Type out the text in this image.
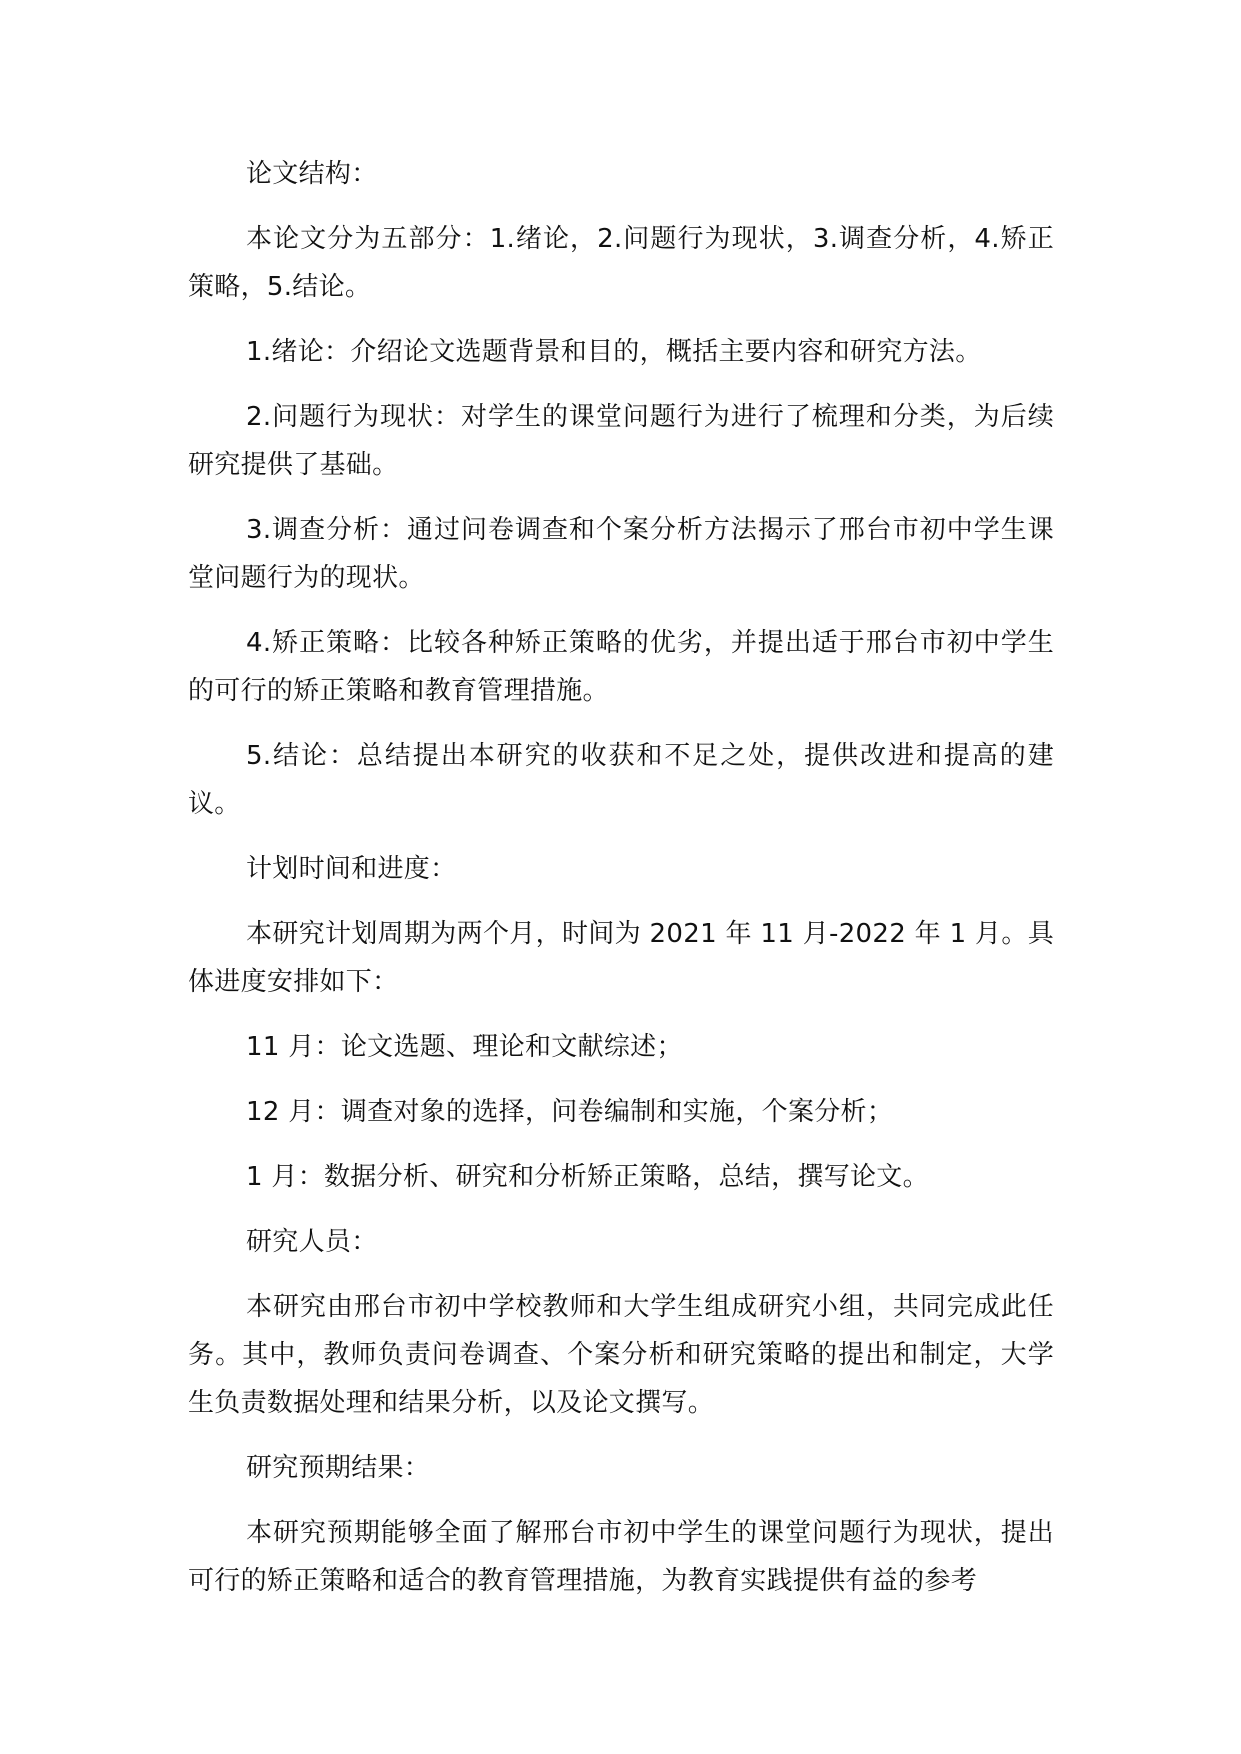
论文结构：

本论文分为五部分：1.绪论，2.问题行为现状，3.调查分析，4.矫正策略，5.结论。

1.绪论：介绍论文选题背景和目的，概括主要内容和研究方法。

2.问题行为现状：对学生的课堂问题行为进行了梳理和分类，为后续研究提供了基础。

3.调查分析：通过问卷调查和个案分析方法揭示了邢台市初中学生课堂问题行为的现状。

4.矫正策略：比较各种矫正策略的优劣，并提出适于邢台市初中学生的可行的矫正策略和教育管理措施。

5.结论：总结提出本研究的收获和不足之处，提供改进和提高的建议。

计划时间和进度：

本研究计划周期为两个月，时间为 2021 年 11 月-2022 年 1 月。具体进度安排如下：

11 月：论文选题、理论和文献综述；

12 月：调查对象的选择，问卷编制和实施，个案分析；

1 月：数据分析、研究和分析矫正策略，总结，撰写论文。

研究人员：

本研究由邢台市初中学校教师和大学生组成研究小组，共同完成此任务。其中，教师负责问卷调查、个案分析和研究策略的提出和制定，大学生负责数据处理和结果分析，以及论文撰写。

研究预期结果：

本研究预期能够全面了解邢台市初中学生的课堂问题行为现状，提出可行的矫正策略和适合的教育管理措施，为教育实践提供有益的参考
